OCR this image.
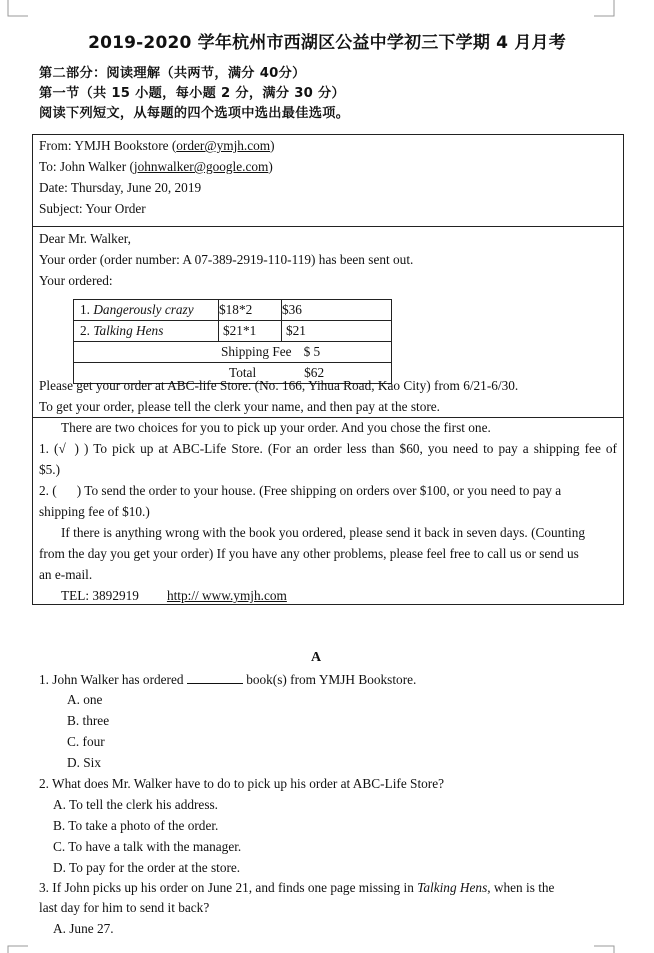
2019-2020 学年杭州市西湖区公益中学初三下学期 4 月月考
第二部分：阅读理解（共两节，满分 40分）
第一节（共 15 小题，每小题 2 分，满分 30 分）
阅读下列短文，从每题的四个选项中选出最佳选项。
From: YMJH Bookstore (order@ymjh.com)
To: John Walker (johnwalker@google.com)
Date: Thursday, June 20, 2019
Subject: Your Order
Dear Mr. Walker,
Your order (order number: A 07-389-2919-110-119) has been sent out.
Your ordered:
1. Dangerously crazy	$18*2	$36
2. Talking Hens	$21*1	$21
Shipping Fee $ 5		
Total $62		
Please get your order at ABC-life Store. (No. 166, Yihua Road, Kao City) from 6/21-6/30.
To get your order, please tell the clerk your name, and then pay at the store.
There are two choices for you to pick up your order. And you chose the first one.
1. (√ ) ) To pick up at ABC-Life Store. (For an order less than $60, you need to pay a shipping fee of
$5.)
2. ( ) To send the order to your house. (Free shipping on orders over $100, or you need to pay a
shipping fee of $10.)
If there is anything wrong with the book you ordered, please send it back in seven days. (Counting
from the day you get your order) If you have any other problems, please feel free to call us or send us
an e-mail.
TEL: 3892919 http:// www.ymjh.com
A
1. John Walker has ordered	book(s) from YMJH Bookstore.
A. one
B. three
C. four
D. Six
2. What does Mr. Walker have to do to pick up his order at ABC-Life Store?
A. To tell the clerk his address.
B. To take a photo of the order.
C. To have a talk with the manager.
D. To pay for the order at the store.
3. If John picks up his order on June 21, and finds one page missing in Talking Hens, when is the
last day for him to send it back?
A. June 27.
